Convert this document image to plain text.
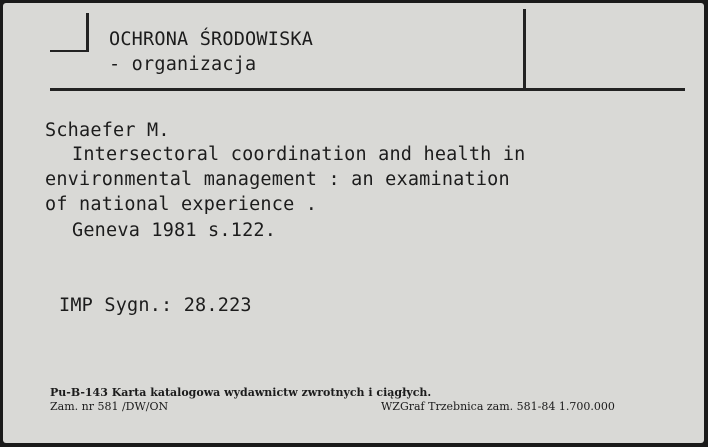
OCHRONA ŚRODOWISKA
- organizacja
Schaefer M.
Intersectoral coordination and health in
environmental management : an examination
of national experience .
Geneva 1981 s.122.
IMP Sygn.: 28.223
Pu-B-143 Karta katalogowa wydawnictw zwrotnych i ciągłych.
Zam. nr 581 /DW/ON	WZGraf Trzebnica zam. 581-84 1.700.000
